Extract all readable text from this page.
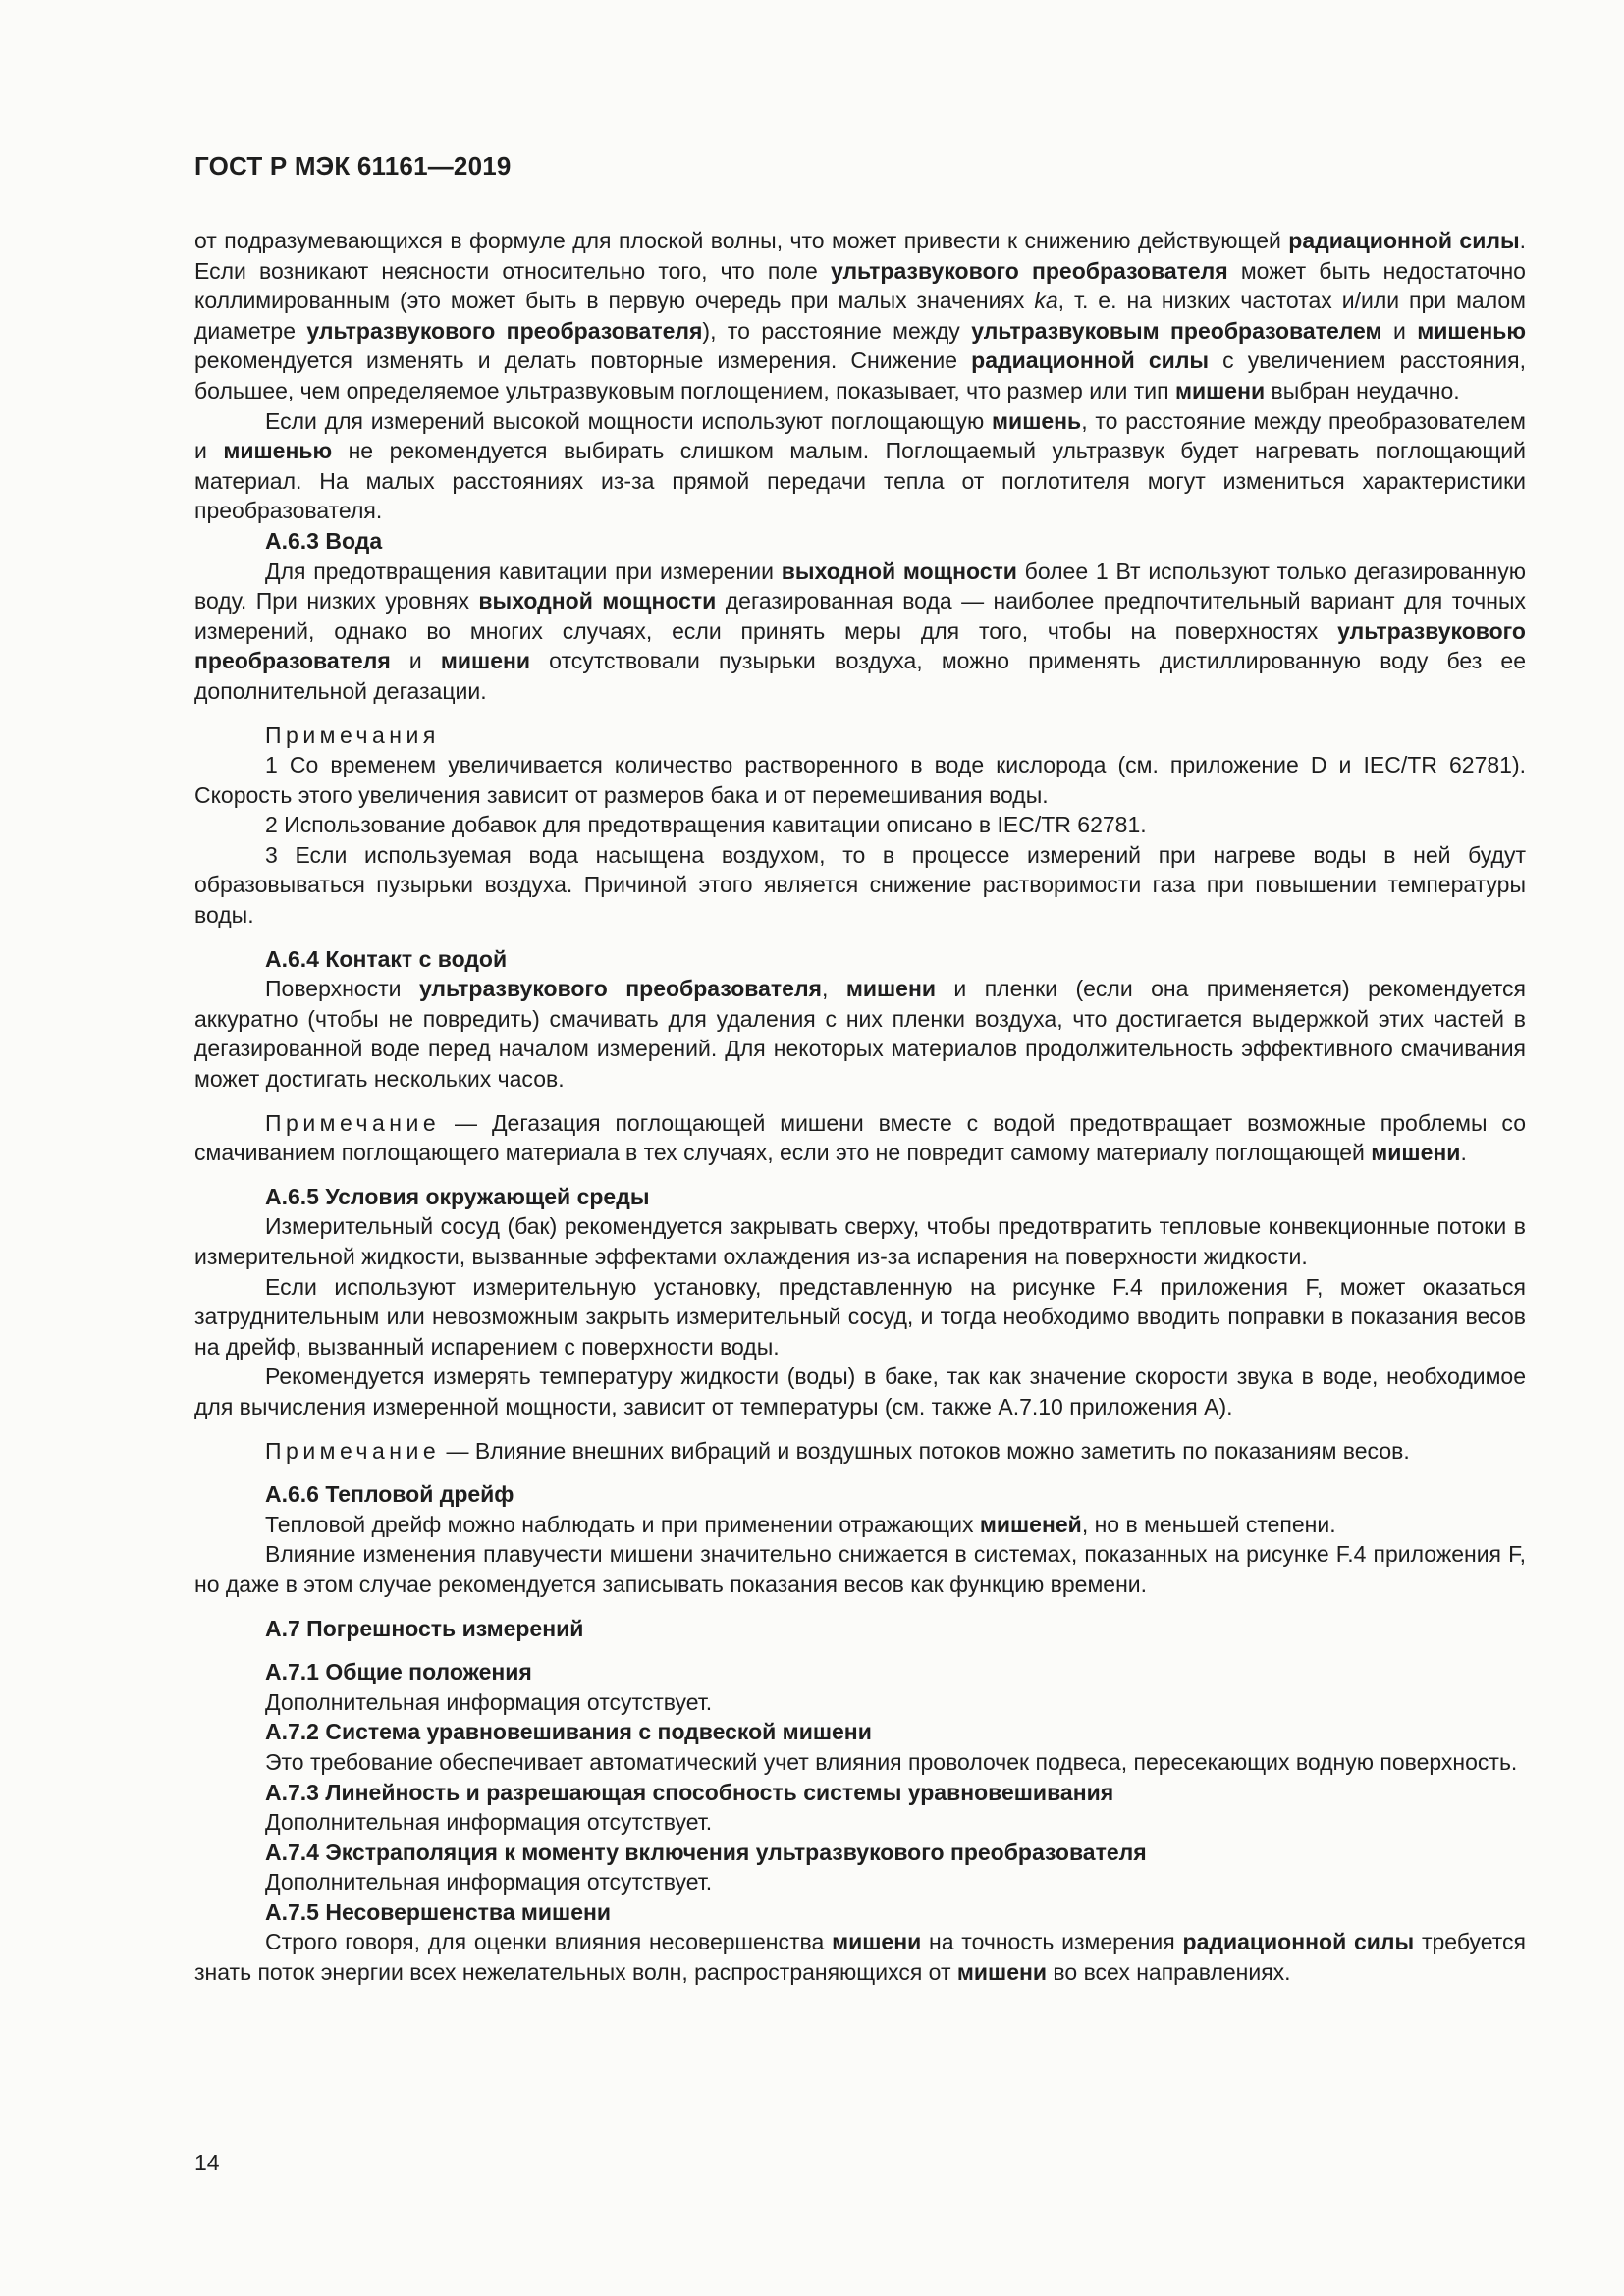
ГОСТ Р МЭК 61161—2019

от подразумевающихся в формуле для плоской волны, что может привести к снижению действующей радиационной силы. Если возникают неясности относительно того, что поле ультразвукового преобразователя может быть недостаточно коллимированным (это может быть в первую очередь при малых значениях ka, т. е. на низких частотах и/или при малом диаметре ультразвукового преобразователя), то расстояние между ультразвуковым преобразователем и мишенью рекомендуется изменять и делать повторные измерения. Снижение радиационной силы с увеличением расстояния, большее, чем определяемое ультразвуковым поглощением, показывает, что размер или тип мишени выбран неудачно.

Если для измерений высокой мощности используют поглощающую мишень, то расстояние между преобразователем и мишенью не рекомендуется выбирать слишком малым. Поглощаемый ультразвук будет нагревать поглощающий материал. На малых расстояниях из-за прямой передачи тепла от поглотителя могут измениться характеристики преобразователя.

А.6.3 Вода

Для предотвращения кавитации при измерении выходной мощности более 1 Вт используют только дегазированную воду. При низких уровнях выходной мощности дегазированная вода — наиболее предпочтительный вариант для точных измерений, однако во многих случаях, если принять меры для того, чтобы на поверхностях ультразвукового преобразователя и мишени отсутствовали пузырьки воздуха, можно применять дистиллированную воду без ее дополнительной дегазации.

Примечания

1 Со временем увеличивается количество растворенного в воде кислорода (см. приложение D и IEC/TR 62781). Скорость этого увеличения зависит от размеров бака и от перемешивания воды.

2 Использование добавок для предотвращения кавитации описано в IEC/TR 62781.

3 Если используемая вода насыщена воздухом, то в процессе измерений при нагреве воды в ней будут образовываться пузырьки воздуха. Причиной этого является снижение растворимости газа при повышении температуры воды.

А.6.4 Контакт с водой

Поверхности ультразвукового преобразователя, мишени и пленки (если она применяется) рекомендуется аккуратно (чтобы не повредить) смачивать для удаления с них пленки воздуха, что достигается выдержкой этих частей в дегазированной воде перед началом измерений. Для некоторых материалов продолжительность эффективного смачивания может достигать нескольких часов.

Примечание — Дегазация поглощающей мишени вместе с водой предотвращает возможные проблемы со смачиванием поглощающего материала в тех случаях, если это не повредит самому материалу поглощающей мишени.

А.6.5 Условия окружающей среды

Измерительный сосуд (бак) рекомендуется закрывать сверху, чтобы предотвратить тепловые конвекционные потоки в измерительной жидкости, вызванные эффектами охлаждения из-за испарения на поверхности жидкости.

Если используют измерительную установку, представленную на рисунке F.4 приложения F, может оказаться затруднительным или невозможным закрыть измерительный сосуд, и тогда необходимо вводить поправки в показания весов на дрейф, вызванный испарением с поверхности воды.

Рекомендуется измерять температуру жидкости (воды) в баке, так как значение скорости звука в воде, необходимое для вычисления измеренной мощности, зависит от температуры (см. также А.7.10 приложения А).

Примечание — Влияние внешних вибраций и воздушных потоков можно заметить по показаниям весов.

А.6.6 Тепловой дрейф

Тепловой дрейф можно наблюдать и при применении отражающих мишеней, но в меньшей степени.

Влияние изменения плавучести мишени значительно снижается в системах, показанных на рисунке F.4 приложения F, но даже в этом случае рекомендуется записывать показания весов как функцию времени.

А.7 Погрешность измерений

А.7.1 Общие положения

Дополнительная информация отсутствует.

А.7.2 Система уравновешивания с подвеской мишени

Это требование обеспечивает автоматический учет влияния проволочек подвеса, пересекающих водную поверхность.

А.7.3 Линейность и разрешающая способность системы уравновешивания

Дополнительная информация отсутствует.

А.7.4 Экстраполяция к моменту включения ультразвукового преобразователя

Дополнительная информация отсутствует.

А.7.5 Несовершенства мишени

Строго говоря, для оценки влияния несовершенства мишени на точность измерения радиационной силы требуется знать поток энергии всех нежелательных волн, распространяющихся от мишени во всех направлениях.

14
